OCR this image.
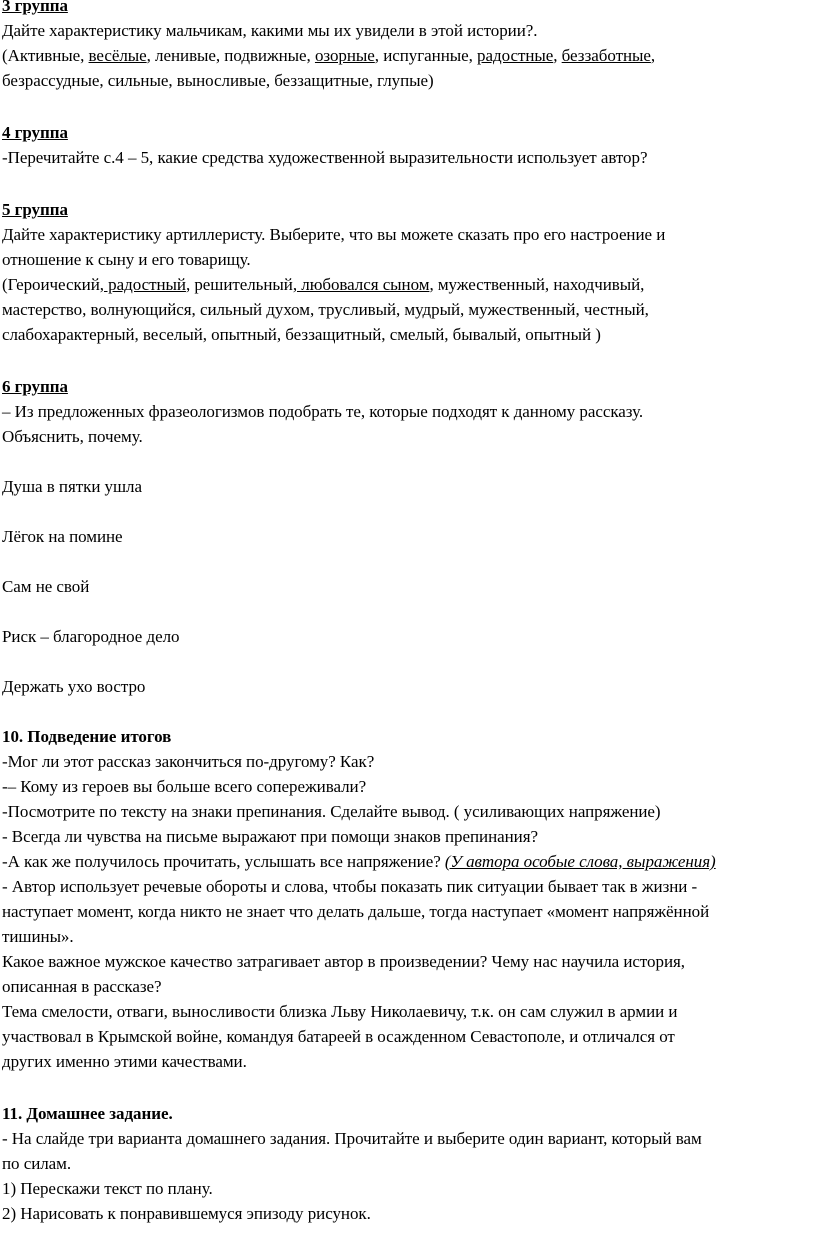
3 группа
Дайте характеристику мальчикам, какими мы их увидели в этой истории?.
(Активные, весёлые, ленивые, подвижные, озорные, испуганные, радостные, беззаботные,
безрассудные, сильные, выносливые, беззащитные, глупые)
4 группа
-Перечитайте с.4 – 5, какие средства художественной выразительности использует автор?
5 группа
Дайте характеристику артиллеристу. Выберите, что вы можете сказать про его настроение и
отношение к сыну и его товарищу.
(Героический, радостный, решительный, любовался сыном, мужественный, находчивый,
мастерство, волнующийся, сильный духом, трусливый, мудрый, мужественный, честный,
слабохарактерный, веселый, опытный, беззащитный, смелый, бывалый, опытный )
6 группа
– Из предложенных фразеологизмов подобрать те, которые подходят к данному рассказу.
Объяснить, почему.
Душа в пятки ушла
Лёгок на помине
Сам не свой
Риск – благородное дело
Держать ухо востро
10. Подведение итогов
-Мог ли этот рассказ закончиться по-другому? Как?
-– Кому из героев вы больше всего сопереживали?
-Посмотрите по тексту на знаки препинания. Сделайте вывод. ( усиливающих напряжение)
- Всегда ли чувства на письме выражают при помощи знаков препинания?
-А как же получилось прочитать, услышать все напряжение? (У автора особые слова, выражения)
- Автор использует речевые обороты и слова, чтобы показать пик ситуации бывает так в жизни -
наступает момент, когда никто не знает что делать дальше, тогда наступает «момент напряжённой
тишины».
Какое важное мужское качество затрагивает автор в произведении? Чему нас научила история,
описанная в рассказе?
Тема смелости, отваги, выносливости близка Льву Николаевичу, т.к. он сам служил в армии и
участвовал в Крымской войне, командуя батареей в осажденном Севастополе, и отличался от
других именно этими качествами.
11. Домашнее задание.
- На слайде три варианта домашнего задания. Прочитайте и выберите один вариант, который вам
по силам.
1) Перескажи текст по плану.
2) Нарисовать к понравившемуся эпизоду рисунок.
